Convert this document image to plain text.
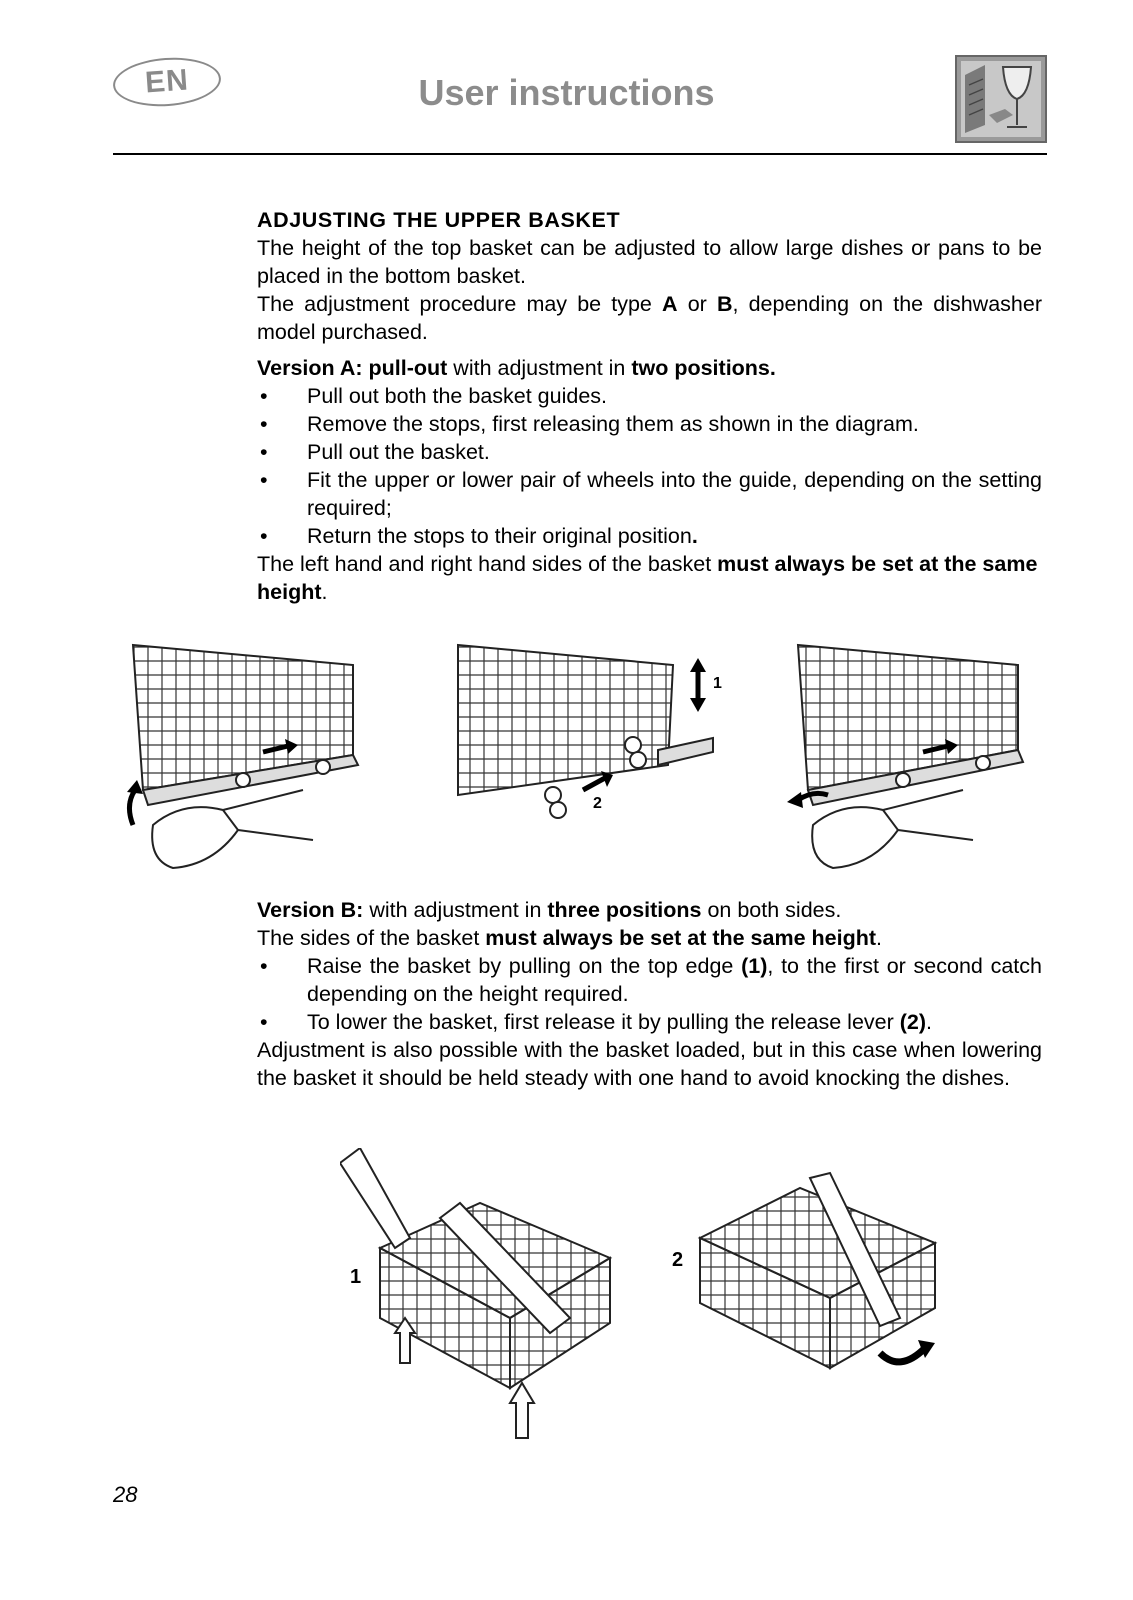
EN	User instructions

ADJUSTING THE UPPER BASKET

The height of the top basket can be adjusted to allow large dishes or pans to be placed in the bottom basket.

The adjustment procedure may be type A or B, depending on the dishwasher model purchased.

Version A: pull-out with adjustment in two positions.

• Pull out both the basket guides.
• Remove the stops, first releasing them as shown in the diagram.
• Pull out the basket.
• Fit the upper or lower pair of wheels into the guide, depending on the setting required;
• Return the stops to their original position.

The left hand and right hand sides of the basket must always be set at the same height.

1
2

Version B: with adjustment in three positions on both sides.

The sides of the basket must always be set at the same height.

• Raise the basket by pulling on the top edge (1), to the first or second catch depending on the height required.
• To lower the basket, first release it by pulling the release lever (2).

Adjustment is also possible with the basket loaded, but in this case when lowering the basket it should be held steady with one hand to avoid knocking the dishes.

1
2
28
